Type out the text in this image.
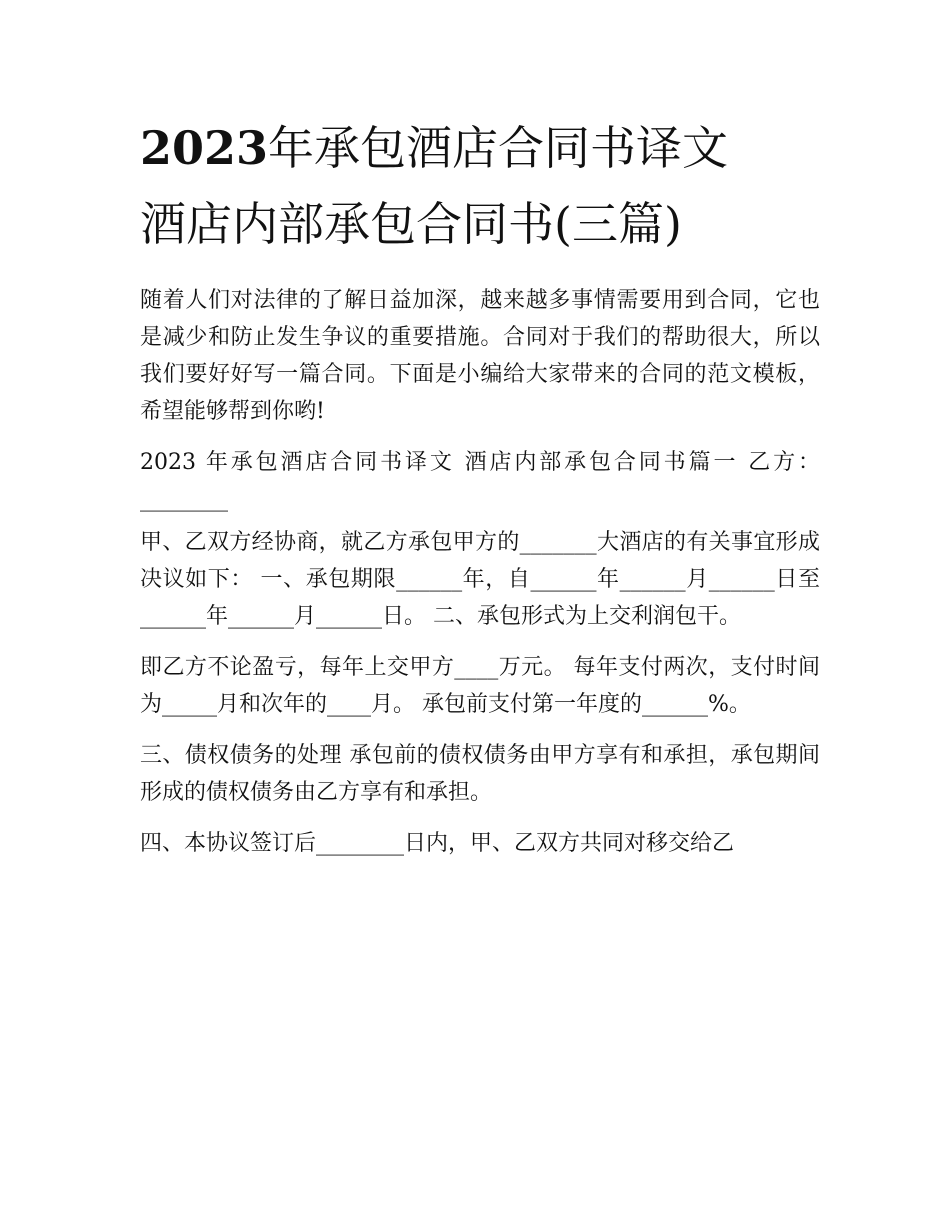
2023年承包酒店合同书译文
酒店内部承包合同书(三篇)

随着人们对法律的了解日益加深，越来越多事情需要用到合同，它也是减少和防止发生争议的重要措施。合同对于我们的帮助很大，所以我们要好好写一篇合同。下面是小编给大家带来的合同的范文模板，希望能够帮到你哟!

2023 年承包酒店合同书译文 酒店内部承包合同书篇一 乙方：________

甲、乙双方经协商，就乙方承包甲方的_______大酒店的有关事宜形成决议如下： 一、承包期限______年，自______年______月______日至______年______月______日。 二、承包形式为上交利润包干。

即乙方不论盈亏，每年上交甲方____万元。 每年支付两次，支付时间为_____月和次年的____月。 承包前支付第一年度的______%。

三、债权债务的处理 承包前的债权债务由甲方享有和承担，承包期间形成的债权债务由乙方享有和承担。

四、本协议签订后________日内，甲、乙双方共同对移交给乙
